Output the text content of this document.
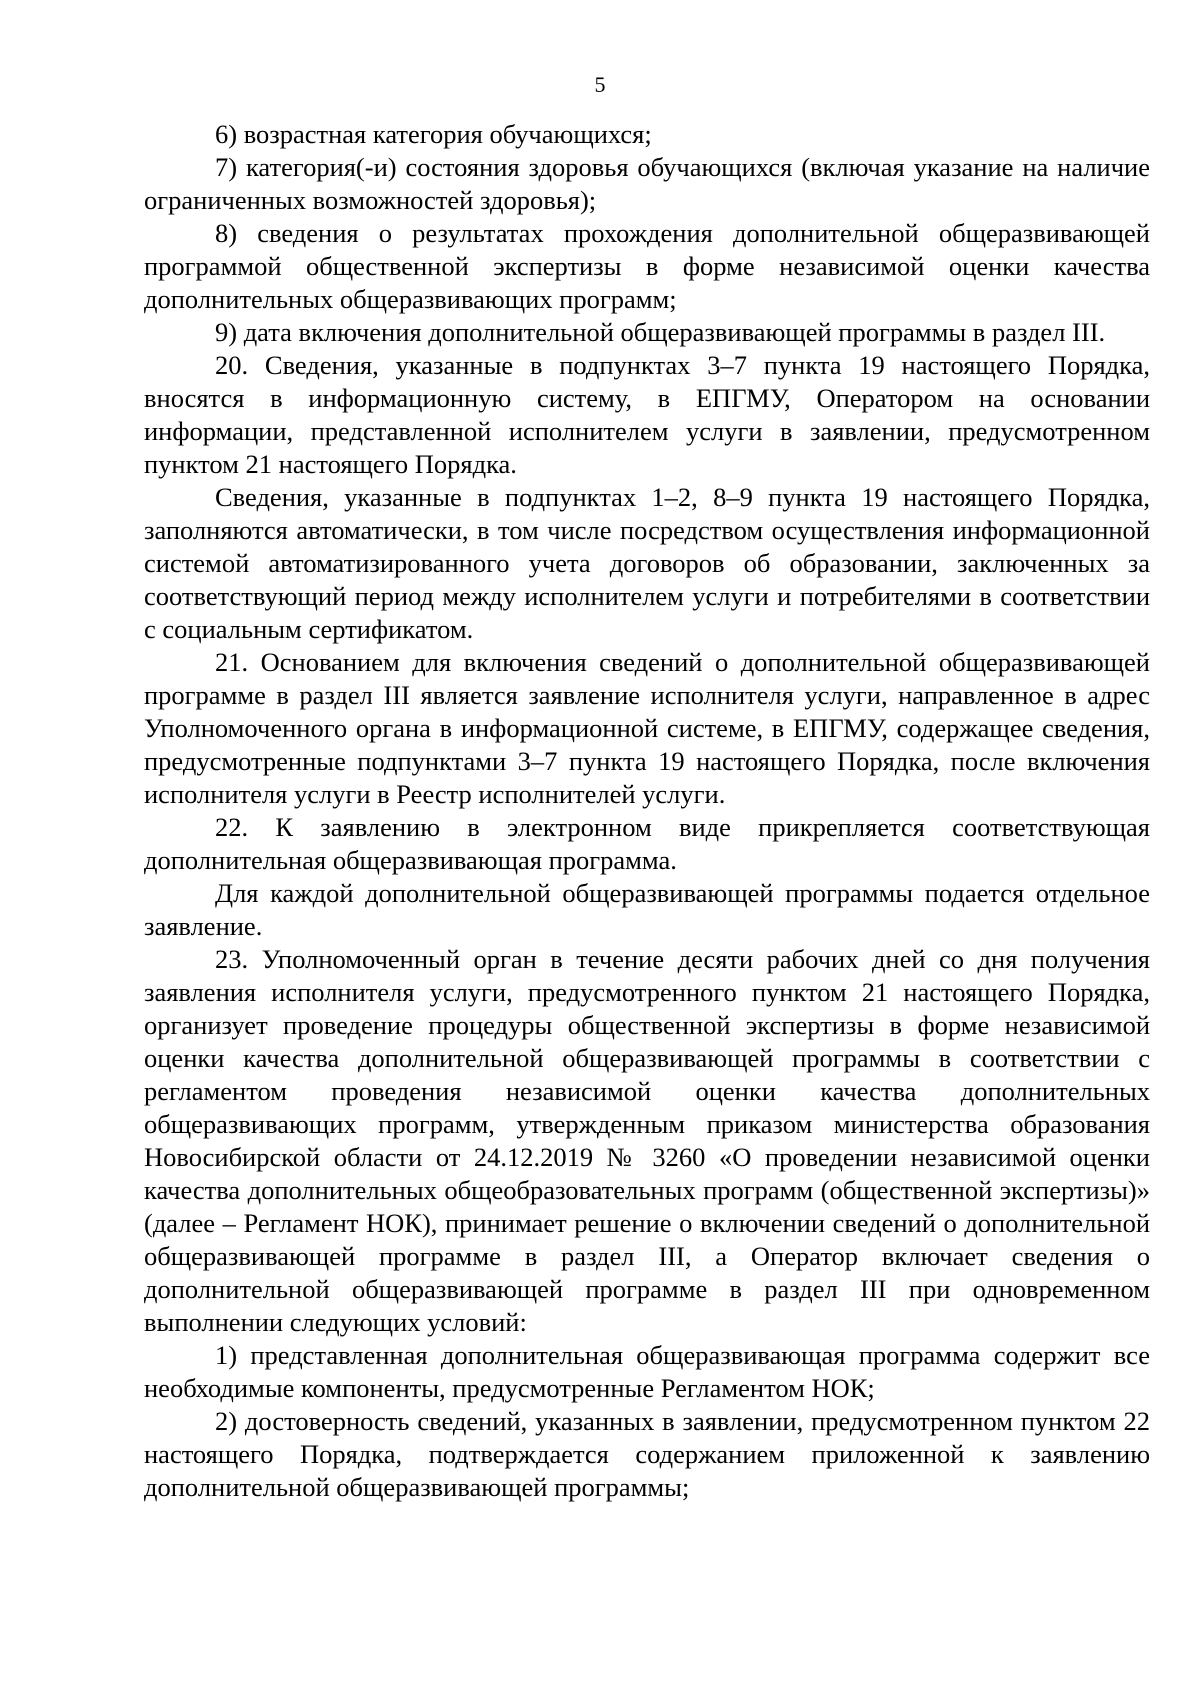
5

6) возрастная категория обучающихся;

7) категория(-и) состояния здоровья обучающихся (включая указание на наличие ограниченных возможностей здоровья);

8) сведения о результатах прохождения дополнительной общеразвивающей программой общественной экспертизы в форме независимой оценки качества дополнительных общеразвивающих программ;

9) дата включения дополнительной общеразвивающей программы в раздел III.

20. Сведения, указанные в подпунктах 3–7 пункта 19 настоящего Порядка, вносятся в информационную систему, в ЕПГМУ, Оператором на основании информации, представленной исполнителем услуги в заявлении, предусмотренном пунктом 21 настоящего Порядка.

Сведения, указанные в подпунктах 1–2, 8–9 пункта 19 настоящего Порядка, заполняются автоматически, в том числе посредством осуществления информационной системой автоматизированного учета договоров об образовании, заключенных за соответствующий период между исполнителем услуги и потребителями в соответствии с социальным сертификатом.

21. Основанием для включения сведений о дополнительной общеразвивающей программе в раздел III является заявление исполнителя услуги, направленное в адрес Уполномоченного органа в информационной системе, в ЕПГМУ, содержащее сведения, предусмотренные подпунктами 3–7 пункта 19 настоящего Порядка, после включения исполнителя услуги в Реестр исполнителей услуги.

22. К заявлению в электронном виде прикрепляется соответствующая дополнительная общеразвивающая программа.

Для каждой дополнительной общеразвивающей программы подается отдельное заявление.

23. Уполномоченный орган в течение десяти рабочих дней со дня получения заявления исполнителя услуги, предусмотренного пунктом 21 настоящего Порядка, организует проведение процедуры общественной экспертизы в форме независимой оценки качества дополнительной общеразвивающей программы в соответствии с регламентом проведения независимой оценки качества дополнительных общеразвивающих программ, утвержденным приказом министерства образования Новосибирской области от 24.12.2019 № 3260 «О проведении независимой оценки качества дополнительных общеобразовательных программ (общественной экспертизы)» (далее – Регламент НОК), принимает решение о включении сведений о дополнительной общеразвивающей программе в раздел III, а Оператор включает сведения о дополнительной общеразвивающей программе в раздел III при одновременном выполнении следующих условий:

1) представленная дополнительная общеразвивающая программа содержит все необходимые компоненты, предусмотренные Регламентом НОК;

2) достоверность сведений, указанных в заявлении, предусмотренном пунктом 22 настоящего Порядка, подтверждается содержанием приложенной к заявлению дополнительной общеразвивающей программы;
